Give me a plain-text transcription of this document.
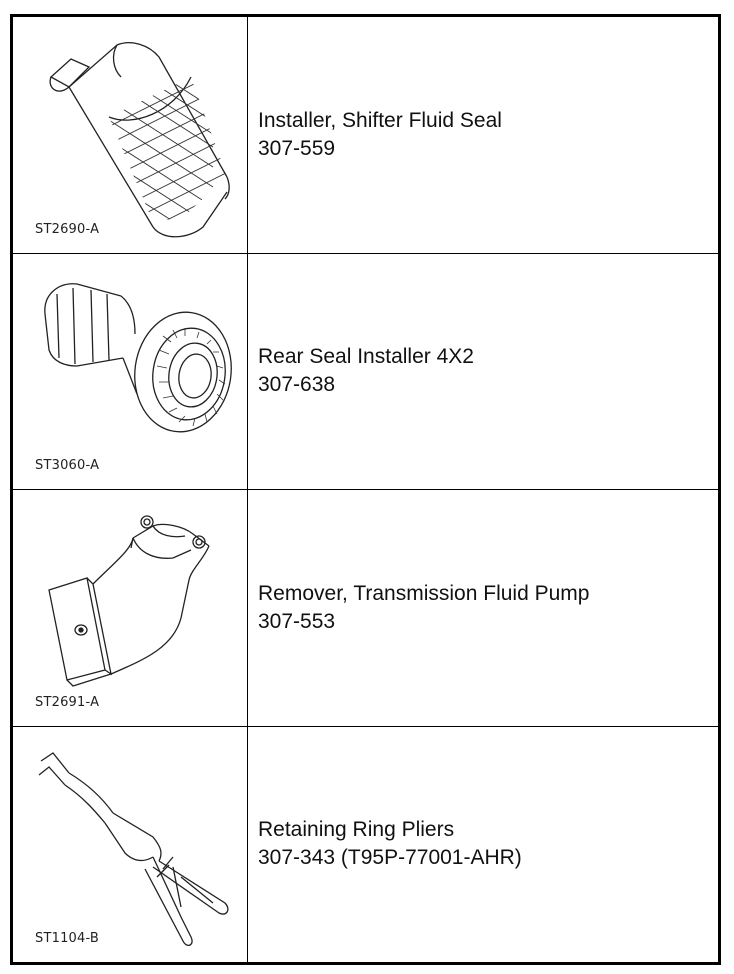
ST2690-A
Installer, Shifter Fluid Seal
307-559
ST3060-A
Rear Seal Installer 4X2
307-638
ST2691-A
Remover, Transmission Fluid Pump
307-553
ST1104-B
Retaining Ring Pliers
307-343 (T95P-77001-AHR)
